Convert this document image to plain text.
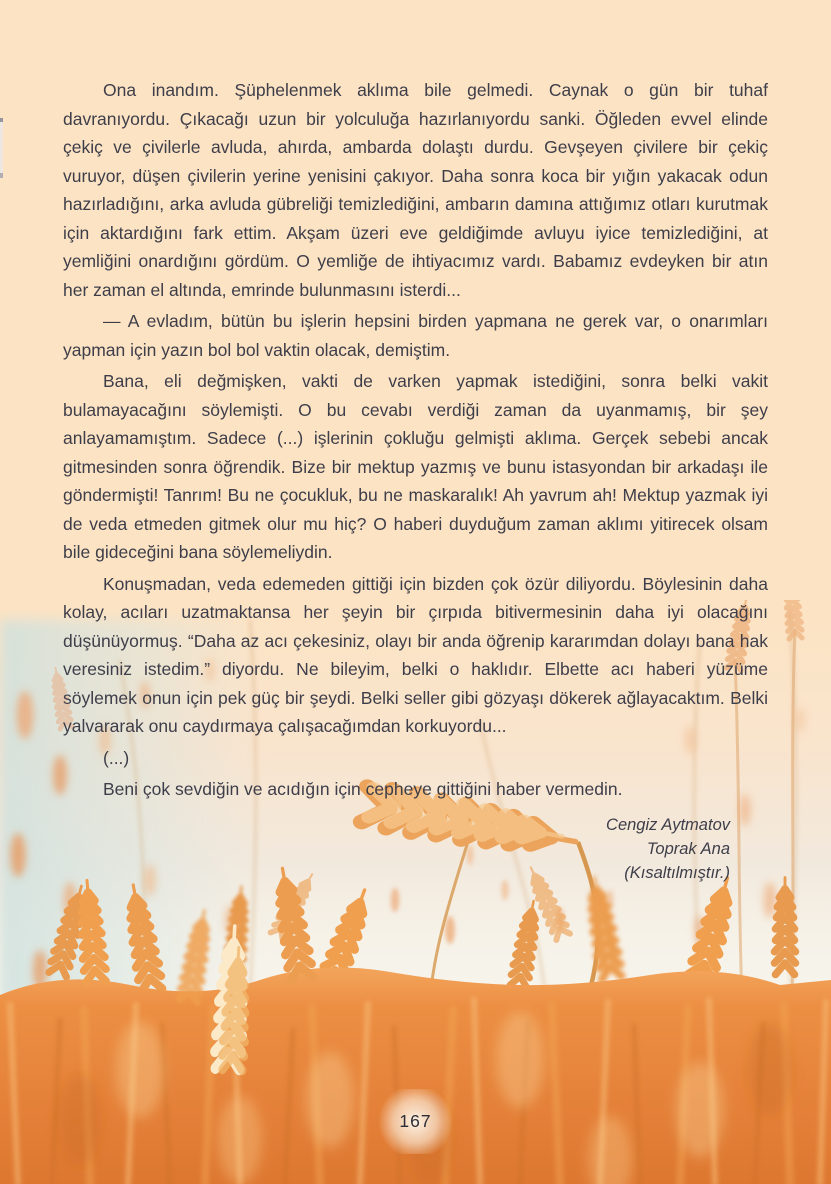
Ona inandım. Şüphelenmek aklıma bile gelmedi. Caynak o gün bir tuhaf davranıyordu. Çıkacağı uzun bir yolculuğa hazırlanıyordu sanki. Öğleden evvel elinde çekiç ve çivilerle avluda, ahırda, ambarda dolaştı durdu. Gevşeyen çivilere bir çekiç vuruyor, düşen çivilerin yerine yenisini çakıyor. Daha sonra koca bir yığın yakacak odun hazırladığını, arka avluda gübreliği temizlediğini, ambarın damına attığımız otları kurutmak için aktardığını fark ettim. Akşam üzeri eve geldiğimde avluyu iyice temizlediğini, at yemliğini onardığını gördüm. O yemliğe de ihtiyacımız vardı. Babamız evdeyken bir atın her zaman el altında, emrinde bulunmasını isterdi...

— A evladım, bütün bu işlerin hepsini birden yapmana ne gerek var, o onarımları yapman için yazın bol bol vaktin olacak, demiştim.

Bana, eli değmişken, vakti de varken yapmak istediğini, sonra belki vakit bulamayacağını söylemişti. O bu cevabı verdiği zaman da uyanmamış, bir şey anlayamamıştım. Sadece (...) işlerinin çokluğu gelmişti aklıma. Gerçek sebebi ancak gitmesinden sonra öğrendik. Bize bir mektup yazmış ve bunu istasyondan bir arkadaşı ile göndermişti! Tanrım! Bu ne çocukluk, bu ne maskaralık! Ah yavrum ah! Mektup yazmak iyi de veda etmeden gitmek olur mu hiç? O haberi duyduğum zaman aklımı yitirecek olsam bile gideceğini bana söylemeliydin.

Konuşmadan, veda edemeden gittiği için bizden çok özür diliyordu. Böylesinin daha kolay, acıları uzatmaktansa her şeyin bir çırpıda bitivermesinin daha iyi olacağını düşünüyormuş. “Daha az acı çekesiniz, olayı bir anda öğrenip kararımdan dolayı bana hak veresiniz istedim.” diyordu. Ne bileyim, belki o haklıdır. Elbette acı haberi yüzüme söylemek onun için pek güç bir şeydi. Belki seller gibi gözyaşı dökerek ağlayacaktım. Belki yalvararak onu caydırmaya çalışacağımdan korkuyordu...

(...)

Beni çok sevdiğin ve acıdığın için cepheye gittiğini haber vermedin.

Cengiz Aytmatov
Toprak Ana
(Kısaltılmıştır.)
167
